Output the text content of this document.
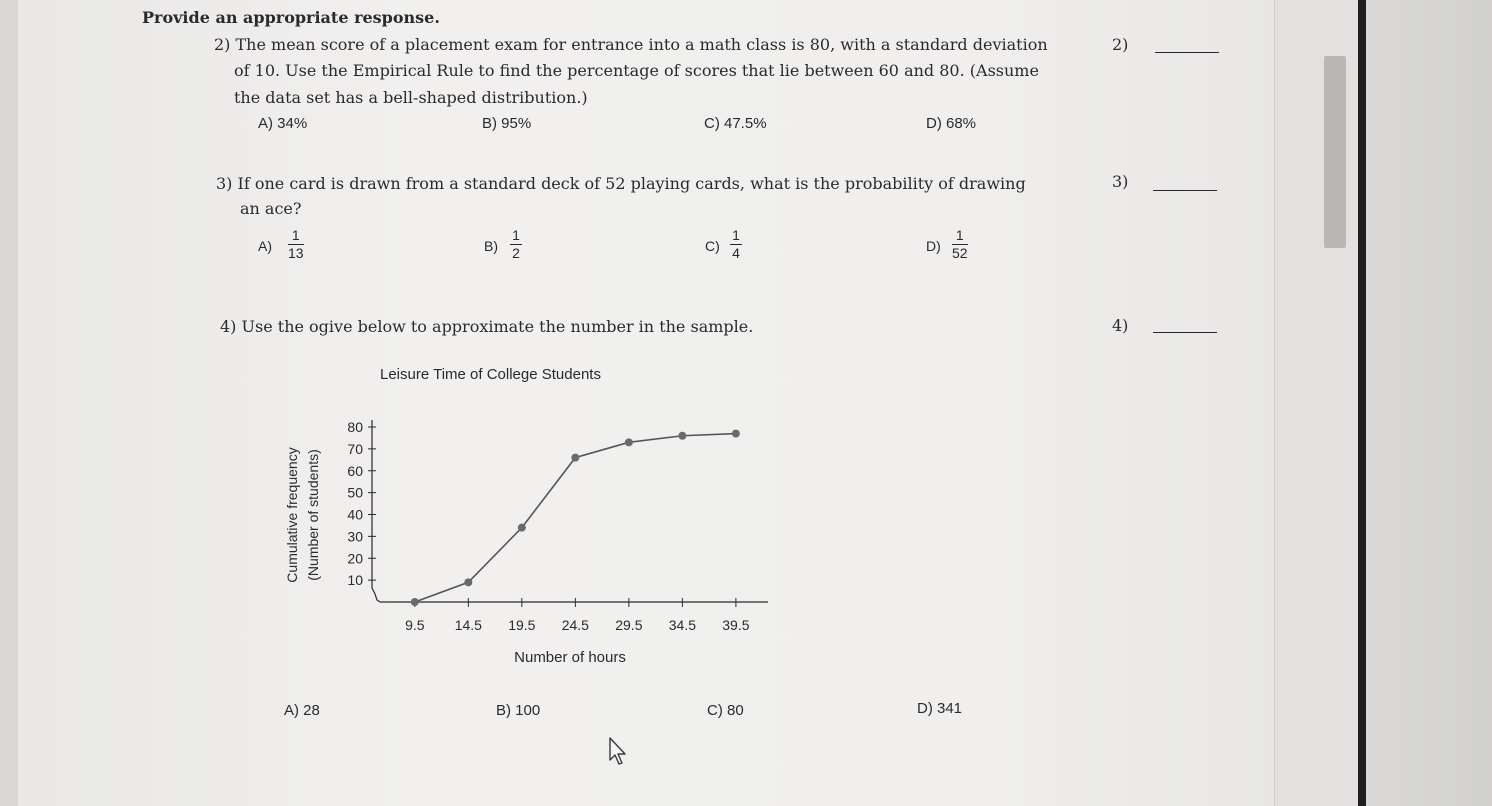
Provide an appropriate response.
2) The mean score of a placement exam for entrance into a math class is 80, with a standard deviation
of 10. Use the Empirical Rule to find the percentage of scores that lie between 60 and 80. (Assume
the data set has a bell-shaped distribution.)
2)
A) 34%	B) 95%	C) 47.5%	D) 68%
3) If one card is drawn from a standard deck of 52 playing cards, what is the probability of drawing
an ace?
3)
A)
1
13	B)
1
2	C)
1
4	D)
1
52
4) Use the ogive below to approximate the number in the sample.	4)
Leisure Time of College Students
Cumulative frequency (Number of students) 10
20
30
40
50
60
70
80
9.5 14.5 19.5 24.5 29.5 34.5 39.5
Number of hours
A) 28	B) 100	C) 80	D) 341
